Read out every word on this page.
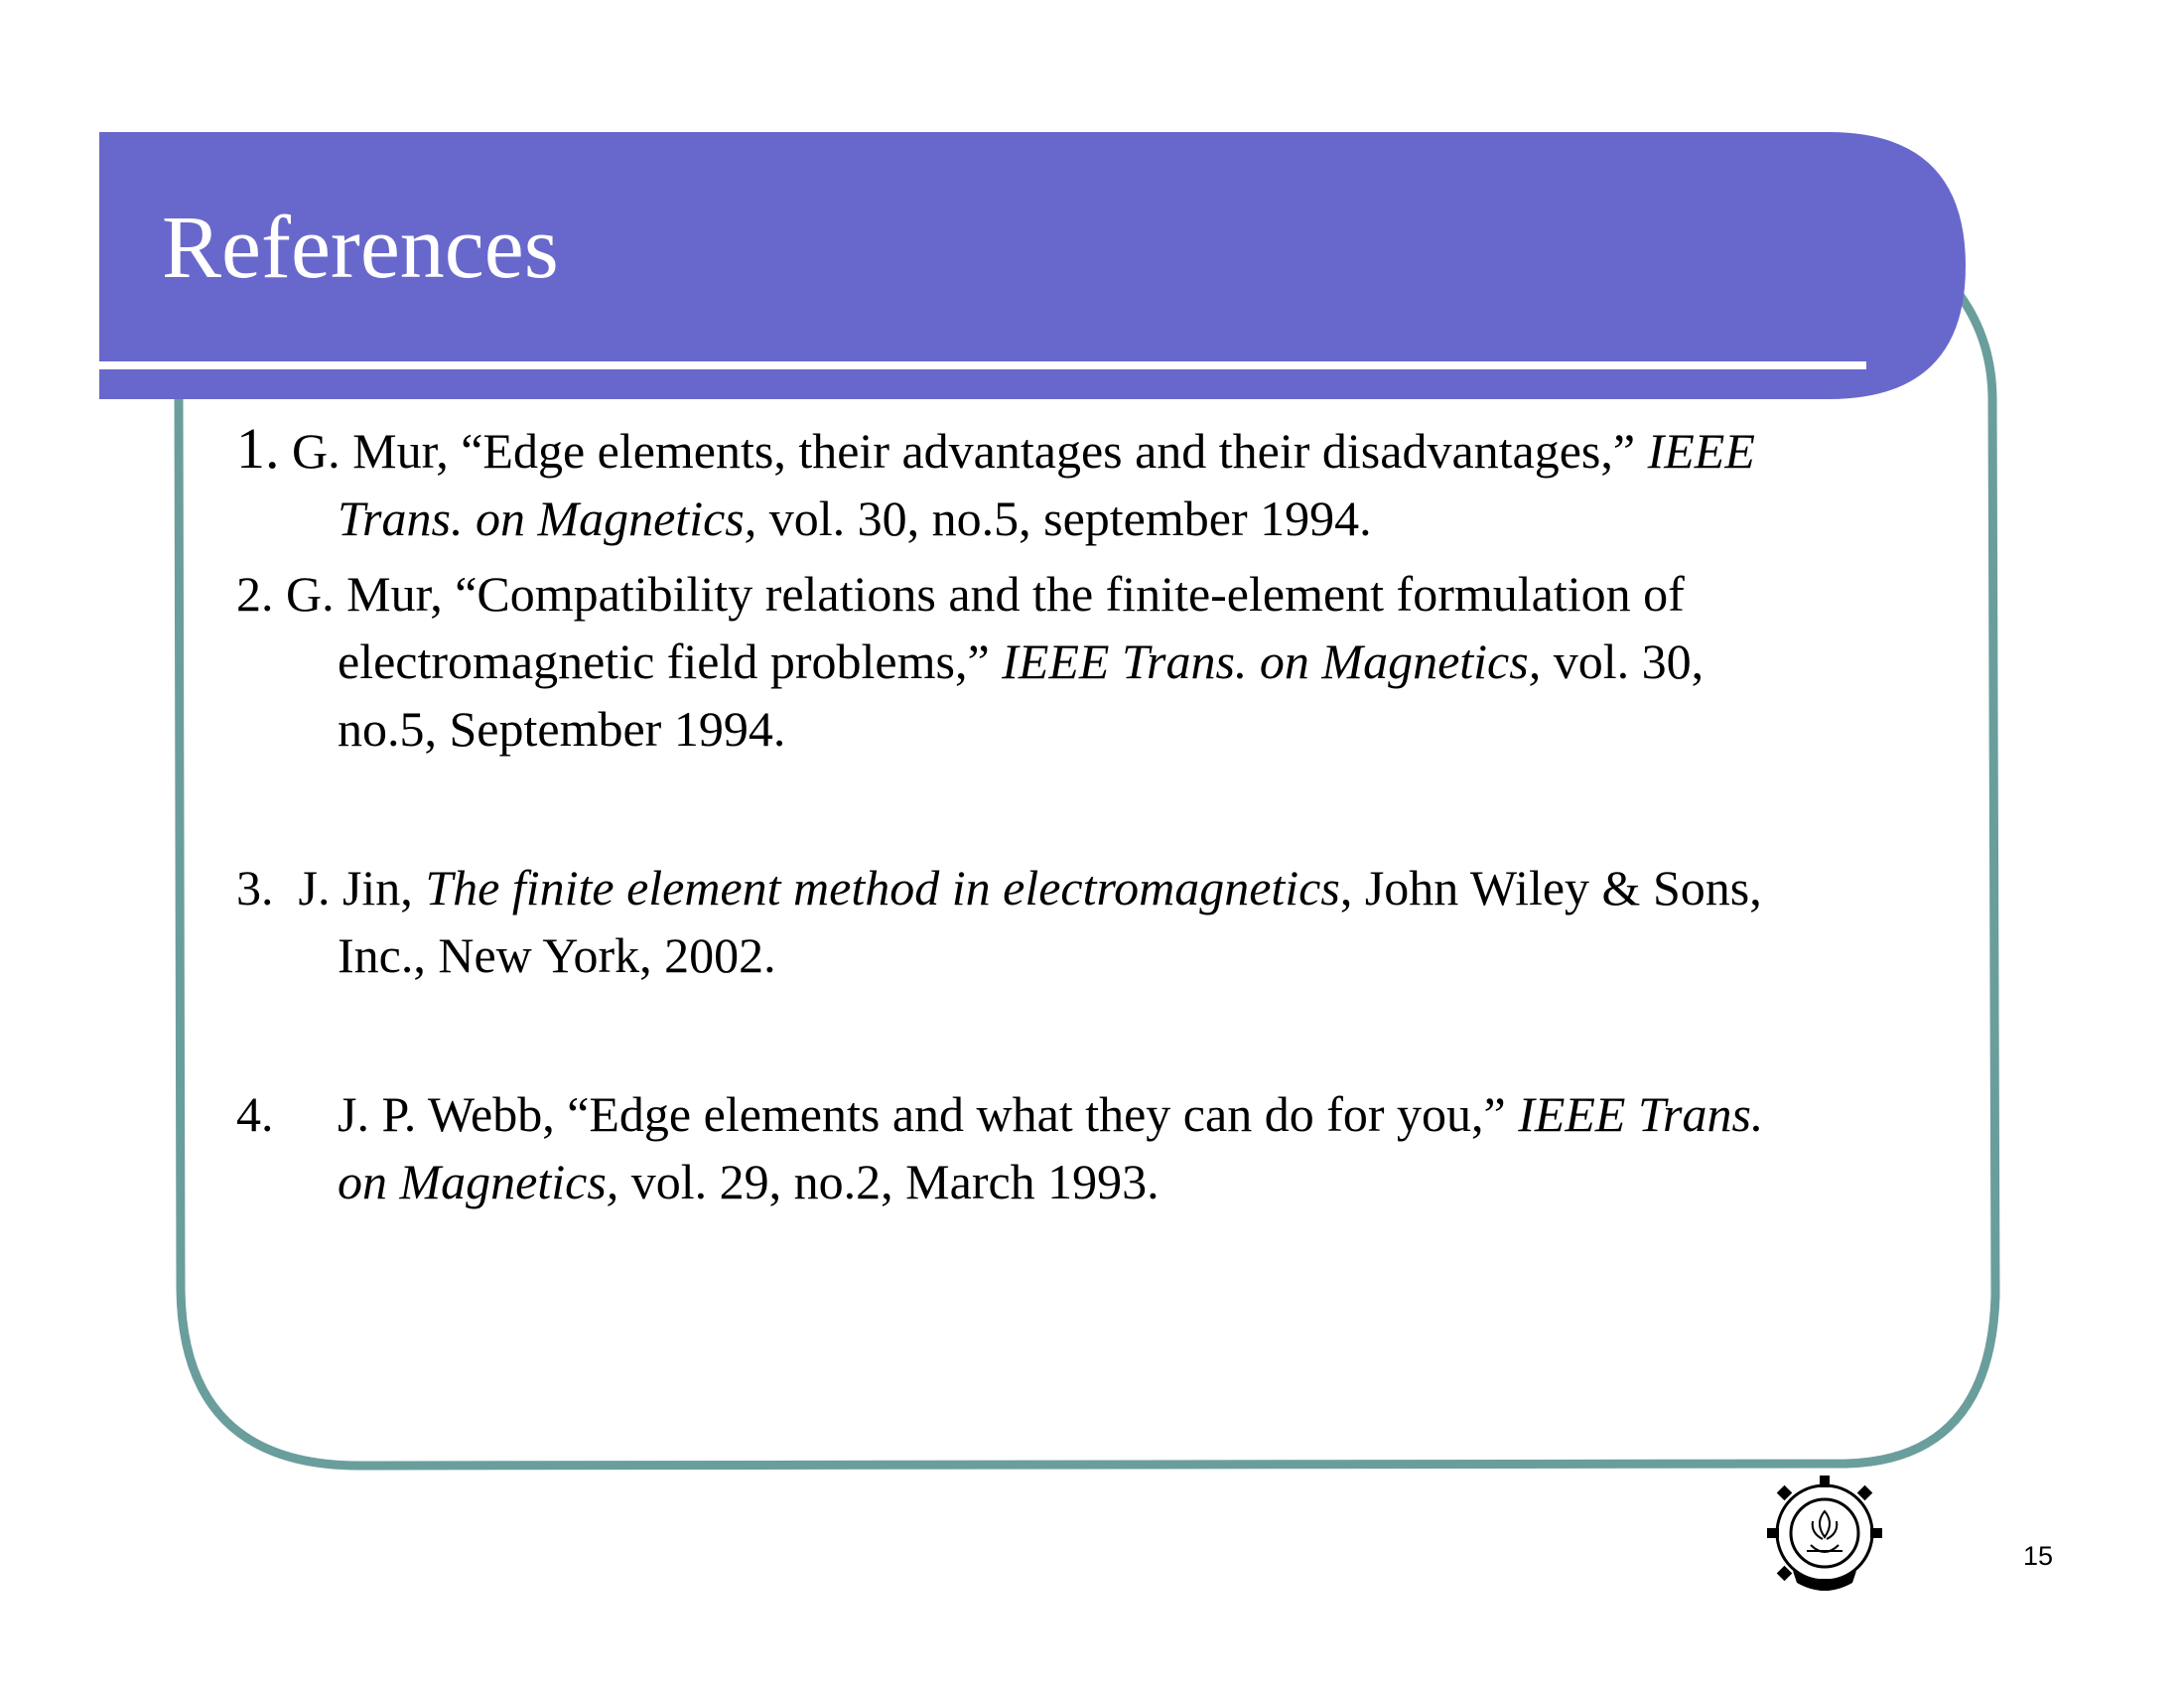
References
1. G. Mur, “Edge elements, their advantages and their disadvantages,” IEEE
Trans. on Magnetics, vol. 30, no.5, september 1994.
2. G. Mur, “Compatibility relations and the finite-element formulation of
electromagnetic field problems,” IEEE Trans. on Magnetics, vol. 30,
no.5, September 1994.
3.  J. Jin, The finite element method in electromagnetics, John Wiley & Sons,
Inc., New York, 2002.
4. J. P. Webb, “Edge elements and what they can do for you,” IEEE Trans.
on Magnetics, vol. 29, no.2, March 1993.
15
